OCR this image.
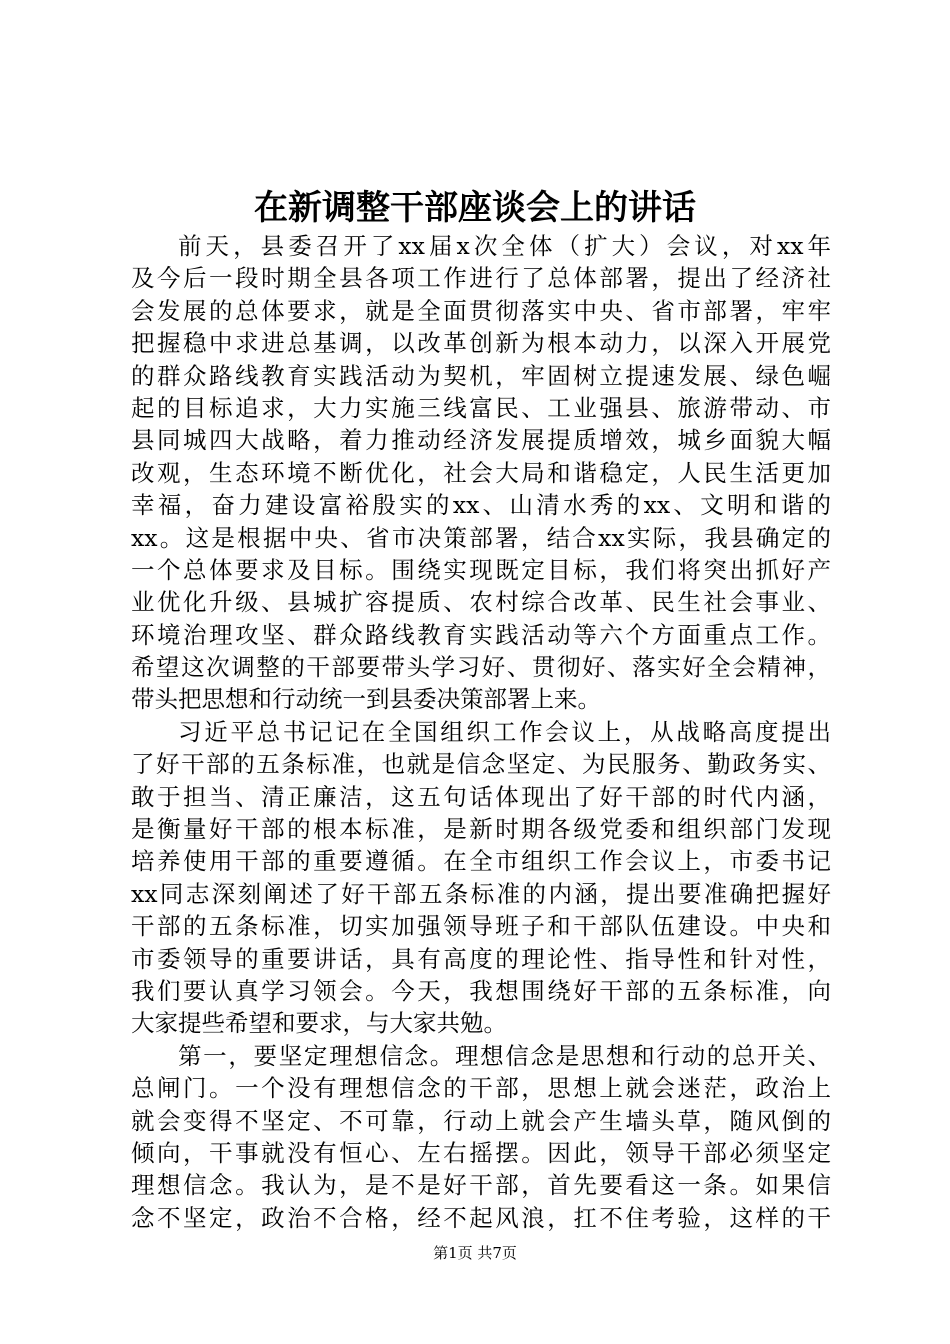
在新调整干部座谈会上的讲话
前天，县委召开了xx届x次全体（扩大）会议，对xx年
及今后一段时期全县各项工作进行了总体部署，提出了经济社
会发展的总体要求，就是全面贯彻落实中央、省市部署，牢牢
把握稳中求进总基调，以改革创新为根本动力，以深入开展党
的群众路线教育实践活动为契机，牢固树立提速发展、绿色崛
起的目标追求，大力实施三线富民、工业强县、旅游带动、市
县同城四大战略，着力推动经济发展提质增效，城乡面貌大幅
改观，生态环境不断优化，社会大局和谐稳定，人民生活更加
幸福，奋力建设富裕殷实的xx、山清水秀的xx、文明和谐的
xx。这是根据中央、省市决策部署，结合xx实际，我县确定的
一个总体要求及目标。围绕实现既定目标，我们将突出抓好产
业优化升级、县城扩容提质、农村综合改革、民生社会事业、
环境治理攻坚、群众路线教育实践活动等六个方面重点工作。
希望这次调整的干部要带头学习好、贯彻好、落实好全会精神，
带头把思想和行动统一到县委决策部署上来。
习近平总书记记在全国组织工作会议上，从战略高度提出
了好干部的五条标准，也就是信念坚定、为民服务、勤政务实、
敢于担当、清正廉洁，这五句话体现出了好干部的时代内涵，
是衡量好干部的根本标准，是新时期各级党委和组织部门发现
培养使用干部的重要遵循。在全市组织工作会议上，市委书记
xx同志深刻阐述了好干部五条标准的内涵，提出要准确把握好
干部的五条标准，切实加强领导班子和干部队伍建设。中央和
市委领导的重要讲话，具有高度的理论性、指导性和针对性，
我们要认真学习领会。今天，我想围绕好干部的五条标准，向
大家提些希望和要求，与大家共勉。
第一，要坚定理想信念。理想信念是思想和行动的总开关、
总闸门。一个没有理想信念的干部，思想上就会迷茫，政治上
就会变得不坚定、不可靠，行动上就会产生墙头草，随风倒的
倾向，干事就没有恒心、左右摇摆。因此，领导干部必须坚定
理想信念。我认为，是不是好干部，首先要看这一条。如果信
念不坚定，政治不合格，经不起风浪，扛不住考验，这样的干
第1页 共7页
